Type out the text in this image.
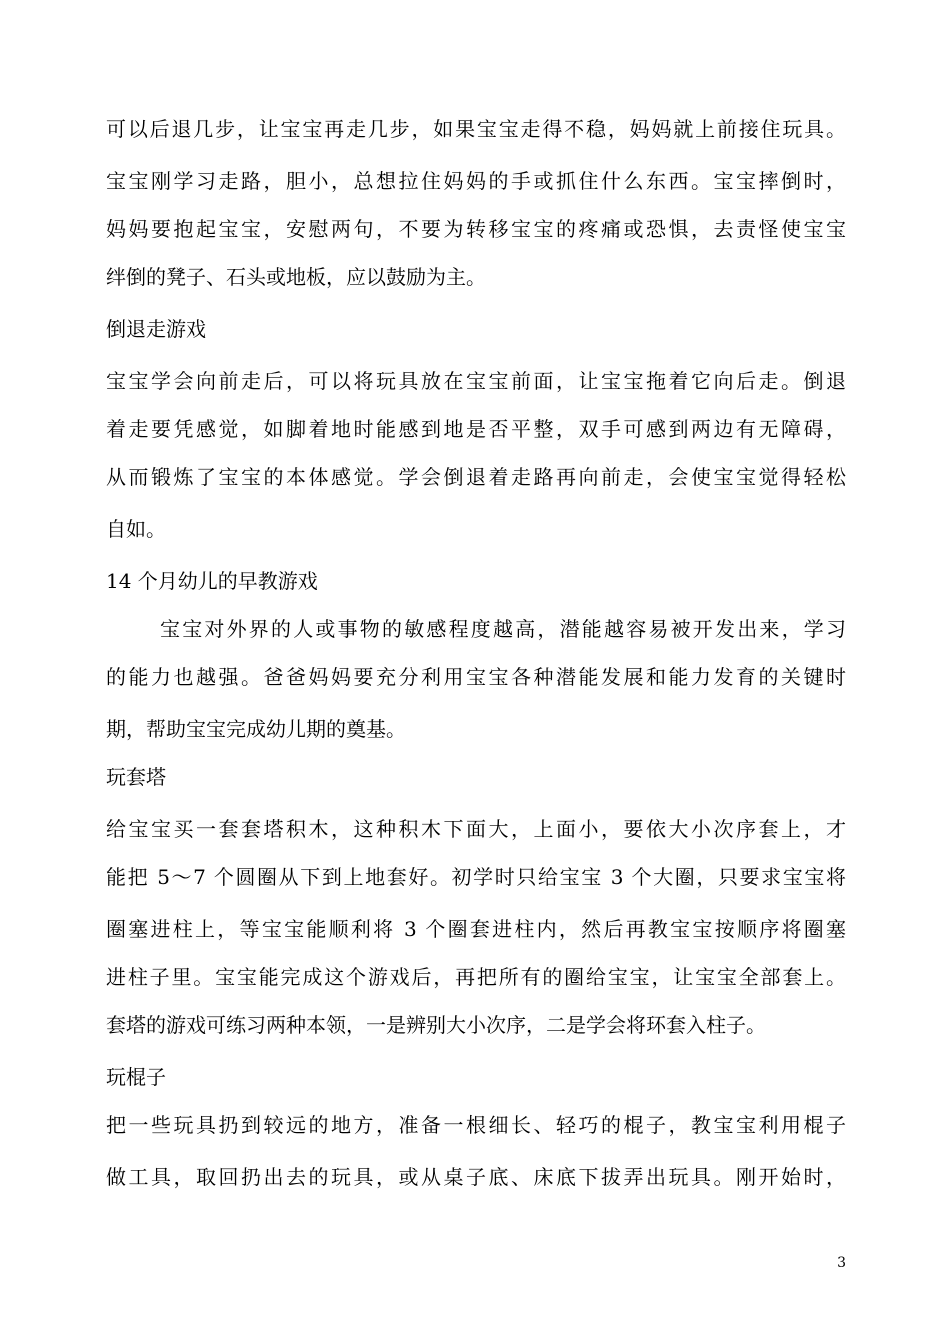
可以后退几步，让宝宝再走几步，如果宝宝走得不稳，妈妈就上前接住玩具。
宝宝刚学习走路，胆小，总想拉住妈妈的手或抓住什么东西。宝宝摔倒时，
妈妈要抱起宝宝，安慰两句，不要为转移宝宝的疼痛或恐惧，去责怪使宝宝
绊倒的凳子、石头或地板，应以鼓励为主。
倒退走游戏
宝宝学会向前走后，可以将玩具放在宝宝前面，让宝宝拖着它向后走。倒退
着走要凭感觉，如脚着地时能感到地是否平整，双手可感到两边有无障碍，
从而锻炼了宝宝的本体感觉。学会倒退着走路再向前走，会使宝宝觉得轻松
自如。
14 个月幼儿的早教游戏
宝宝对外界的人或事物的敏感程度越高，潜能越容易被开发出来，学习
的能力也越强。爸爸妈妈要充分利用宝宝各种潜能发展和能力发育的关键时
期，帮助宝宝完成幼儿期的奠基。
玩套塔
给宝宝买一套套塔积木，这种积木下面大，上面小，要依大小次序套上，才
能把 5～7 个圆圈从下到上地套好。初学时只给宝宝 3 个大圈，只要求宝宝将
圈塞进柱上，等宝宝能顺利将 3 个圈套进柱内，然后再教宝宝按顺序将圈塞
进柱子里。宝宝能完成这个游戏后，再把所有的圈给宝宝，让宝宝全部套上。
套塔的游戏可练习两种本领，一是辨别大小次序，二是学会将环套入柱子。
玩棍子
把一些玩具扔到较远的地方，准备一根细长、轻巧的棍子，教宝宝利用棍子
做工具，取回扔出去的玩具，或从桌子底、床底下拔弄出玩具。刚开始时，
3
